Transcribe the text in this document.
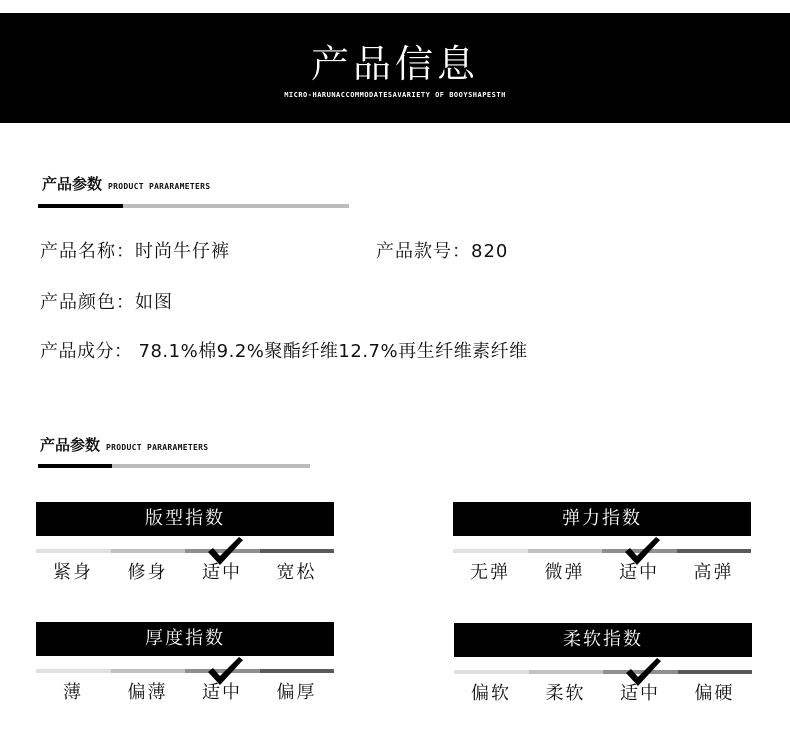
产品信息
MICRO-HARUNACCOMMODATESAVARIETY OF BOOYSHAPESTH
产品参数 PRODUCT PARARAMETERS
产品名称：时尚牛仔裤	产品款号：820
产品颜色：如图
产品成分： 78.1%棉9.2%聚酯纤维12.7%再生纤维素纤维
产品参数 PRODUCT PARARAMETERS
版型指数
紧身	修身	适中	宽松
弹力指数
无弹	微弹	适中	高弹
厚度指数
薄	偏薄	适中	偏厚
柔软指数
偏软	柔软	适中	偏硬
